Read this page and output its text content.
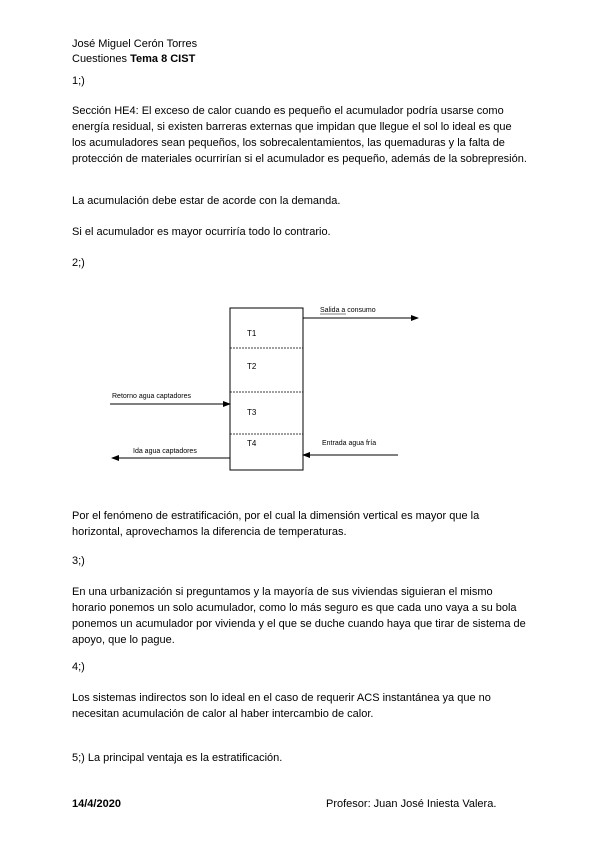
José Miguel Cerón Torres
Cuestiones Tema 8 CIST
1;)
Sección HE4: El exceso de calor cuando es pequeño el acumulador podría usarse como energía residual, si existen barreras externas que impidan que llegue el sol lo ideal es que los acumuladores sean pequeños, los sobrecalentamientos, las quemaduras y la falta de protección de materiales ocurrirían si el acumulador es pequeño, además de la sobrepresión.
La acumulación debe estar de acorde con la demanda.
Si el acumulador es mayor ocurriría todo lo contrario.
2;)
T1
T2
T3
T4
Salida a consumo
Retorno agua captadores
Entrada agua fría
Ida agua captadores
Por el fenómeno de estratificación, por el cual la dimensión vertical es mayor que la horizontal, aprovechamos la diferencia de temperaturas.
3;)
En una urbanización si preguntamos y la mayoría de sus viviendas siguieran el mismo horario ponemos un solo acumulador, como lo más seguro es que cada uno vaya a su bola ponemos un acumulador por vivienda y el que se duche cuando haya que tirar de sistema de apoyo, que lo pague.
4;)
Los sistemas indirectos son lo ideal en el caso de requerir ACS instantánea ya que no necesitan acumulación de calor al haber intercambio de calor.
5;) La principal ventaja es la estratificación.
14/4/2020	Profesor: Juan José Iniesta Valera.
